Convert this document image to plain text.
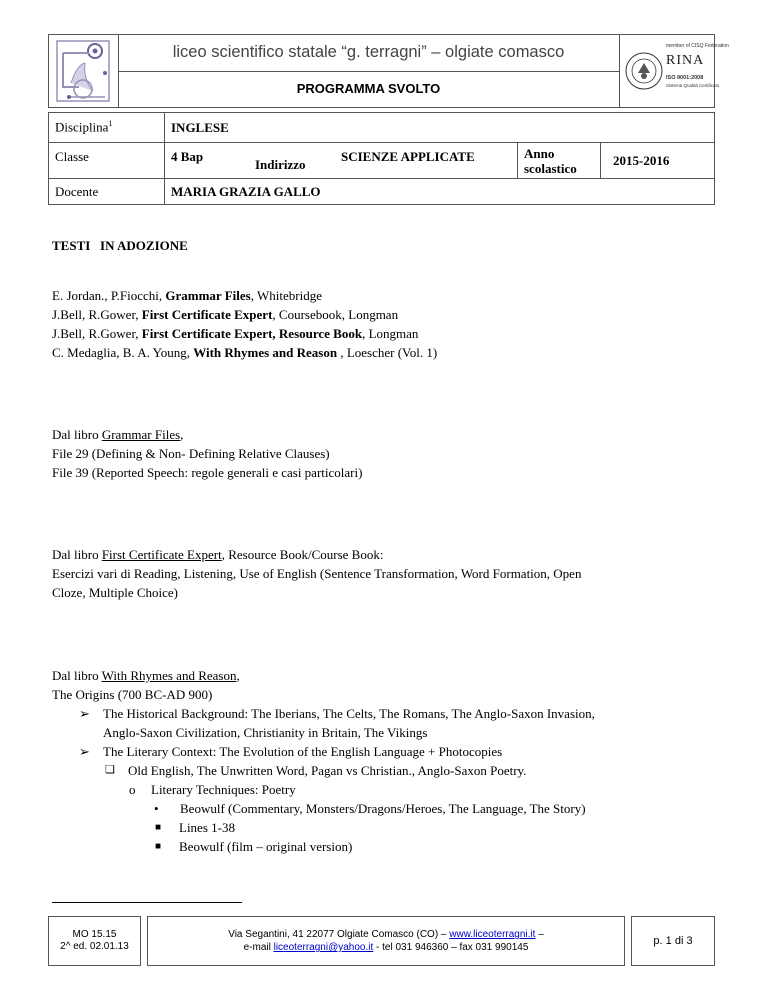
liceo scientifico statale “g. terragni” – olgiate comasco
PROGRAMMA SVOLTO
member of CISQ Federation
RINA
ISO 9001:2008
Sistema Qualità Certificato
Disciplina$^1$	INGLESE				
Classe	4 Bap	Indirizzo	SCIENZE APPLICATE	Anno
scolastico	2015-2016
Docente	MARIA GRAZIA GALLO				
TESTI   IN ADOZIONE
E. Jordan., P.Fiocchi, Grammar Files, Whitebridge
J.Bell, R.Gower, First Certificate Expert, Coursebook, Longman
J.Bell, R.Gower, First Certificate Expert, Resource Book, Longman
C. Medaglia, B. A. Young, With Rhymes and Reason , Loescher (Vol. 1)
Dal libro Grammar Files,
File 29 (Defining & Non- Defining Relative Clauses)
File 39 (Reported Speech: regole generali e casi particolari)
Dal libro First Certificate Expert, Resource Book/Course Book:
Esercizi vari di Reading, Listening, Use of English (Sentence Transformation, Word Formation, Open
Cloze, Multiple Choice)
Dal libro With Rhymes and Reason,
The Origins (700 BC-AD 900)
➢ The Historical Background: The Iberians, The Celts, The Romans, The Anglo-Saxon Invasion,
Anglo-Saxon Civilization, Christianity in Britain, The Vikings
➢ The Literary Context: The Evolution of the English Language + Photocopies
❑ Old English, The Unwritten Word, Pagan vs Christian., Anglo-Saxon Poetry.
o Literary Techniques: Poetry
• Beowulf (Commentary, Monsters/Dragons/Heroes, The Language, The Story)
■ Lines 1-38
■ Beowulf (film – original version)
MO 15.15
2^ ed. 02.01.13
Via Segantini, 41 22077 Olgiate Comasco (CO) – www.liceoterragni.it –
e-mail liceoterragni@yahoo.it - tel 031 946360 – fax 031 990145
p. 1 di 3
